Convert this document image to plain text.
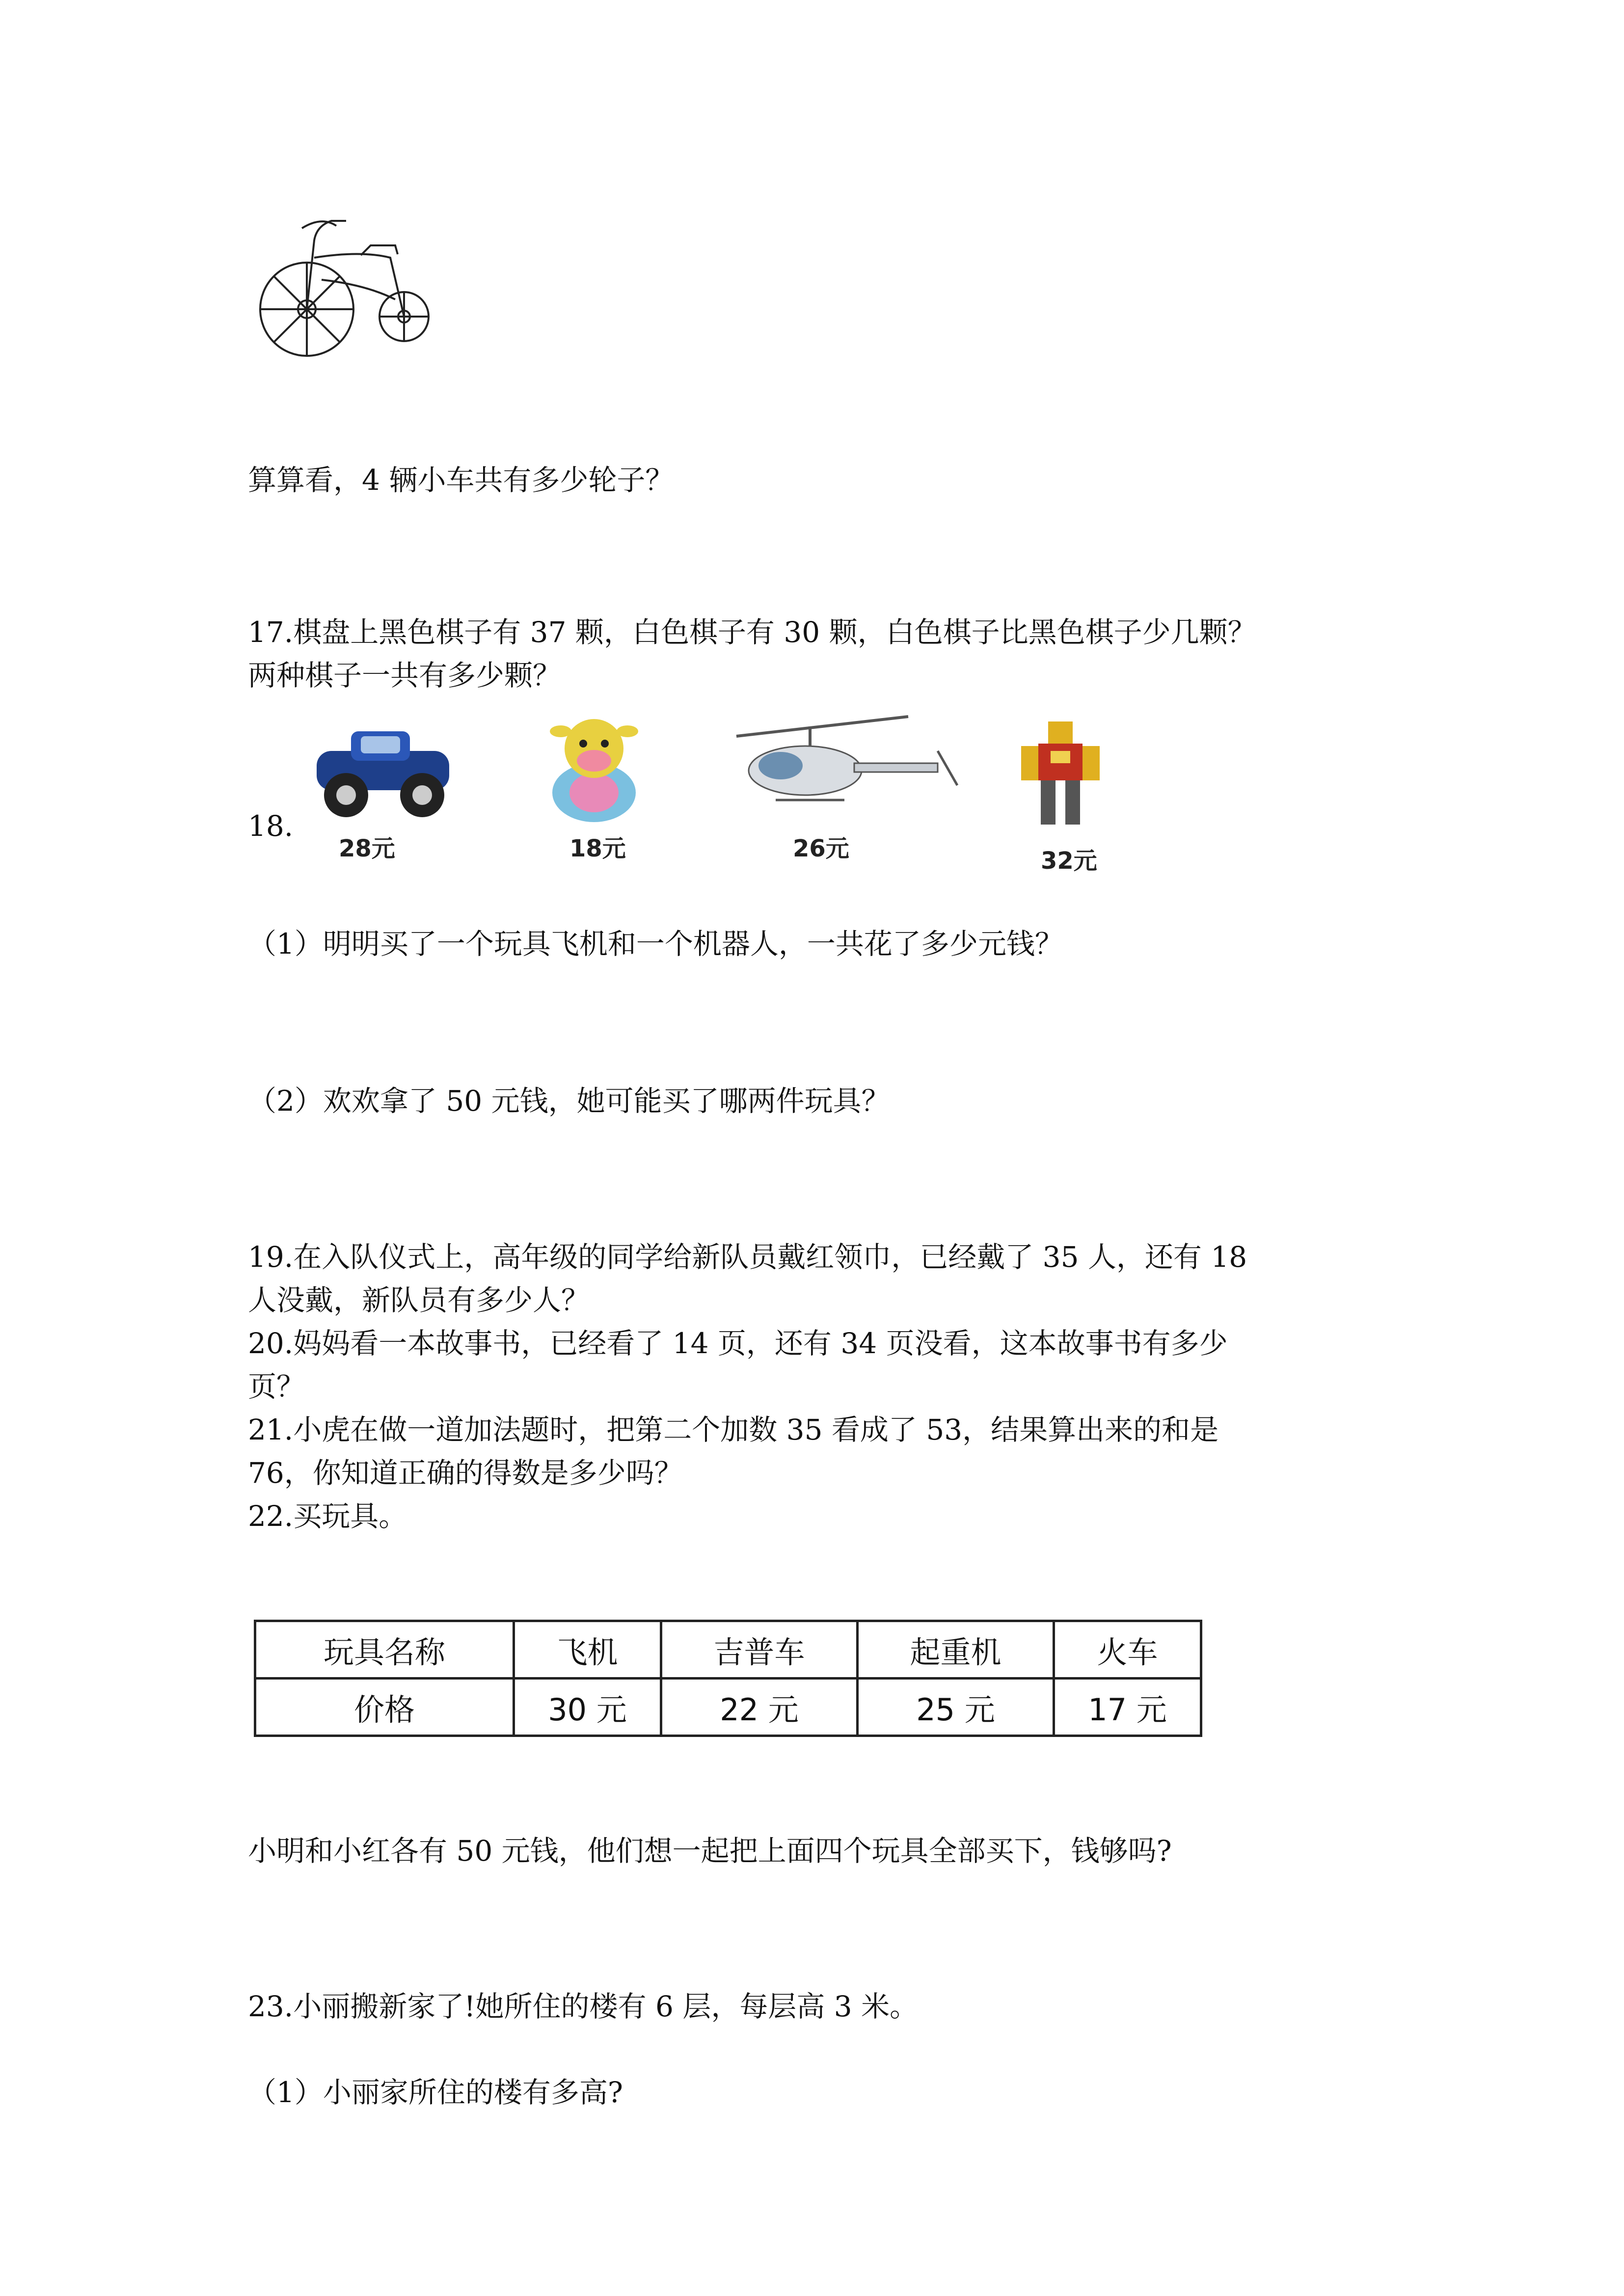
算算看，4 辆小车共有多少轮子？

17.棋盘上黑色棋子有 37 颗，白色棋子有 30 颗，白色棋子比黑色棋子少几颗？

两种棋子一共有多少颗？

18.

28元	18元	26元	32元

（1）明明买了一个玩具飞机和一个机器人，一共花了多少元钱？

（2）欢欢拿了 50 元钱，她可能买了哪两件玩具？

19.在入队仪式上，高年级的同学给新队员戴红领巾，已经戴了 35 人，还有 18

人没戴，新队员有多少人？

20.妈妈看一本故事书，已经看了 14 页，还有 34 页没看，这本故事书有多少

页？

21.小虎在做一道加法题时，把第二个加数 35 看成了 53，结果算出来的和是

76，你知道正确的得数是多少吗？

22.买玩具。

玩具名称	飞机	吉普车	起重机	火车
价格	30 元	22 元	25 元	17 元

小明和小红各有 50 元钱，他们想一起把上面四个玩具全部买下，钱够吗?

23.小丽搬新家了!她所住的楼有 6 层，每层高 3 米。

（1）小丽家所住的楼有多高?
